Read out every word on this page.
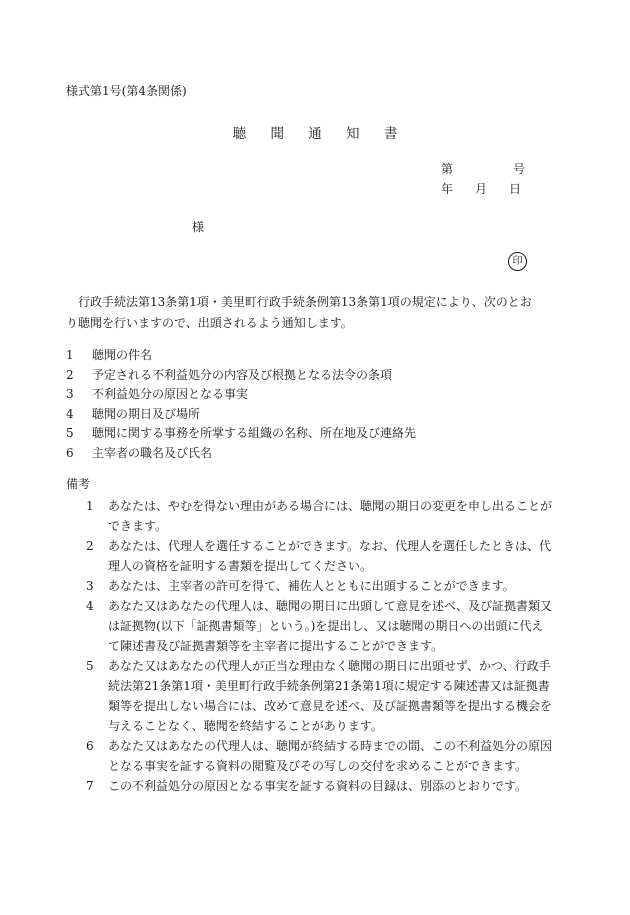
様式第1号(第4条関係)
聴 聞 通 知 書
第	号
年 月 日
様
印
行政手続法第13条第1項・美里町行政手続条例第13条第1項の規定により、次のとおり聴聞を行いますので、出頭されるよう通知します。
1 聴聞の件名
2 予定される不利益処分の内容及び根拠となる法令の条項
3 不利益処分の原因となる事実
4 聴聞の期日及び場所
5 聴聞に関する事務を所掌する組織の名称、所在地及び連絡先
6 主宰者の職名及び氏名
備考
1 あなたは、やむを得ない理由がある場合には、聴聞の期日の変更を申し出ることができます。
2 あなたは、代理人を選任することができます。なお、代理人を選任したときは、代理人の資格を証明する書類を提出してください。
3 あなたは、主宰者の許可を得て、補佐人とともに出頭することができます。
4 あなた又はあなたの代理人は、聴聞の期日に出頭して意見を述べ、及び証拠書類又は証拠物(以下「証拠書類等」という。)を提出し、又は聴聞の期日への出頭に代えて陳述書及び証拠書類等を主宰者に提出することができます。
5 あなた又はあなたの代理人が正当な理由なく聴聞の期日に出頭せず、かつ、行政手続法第21条第1項・美里町行政手続条例第21条第1項に規定する陳述書又は証拠書類等を提出しない場合には、改めて意見を述べ、及び証拠書類等を提出する機会を与えることなく、聴聞を終結することがあります。
6 あなた又はあなたの代理人は、聴聞が終結する時までの間、この不利益処分の原因となる事実を証する資料の閲覧及びその写しの交付を求めることができます。
7 この不利益処分の原因となる事実を証する資料の目録は、別添のとおりです。
